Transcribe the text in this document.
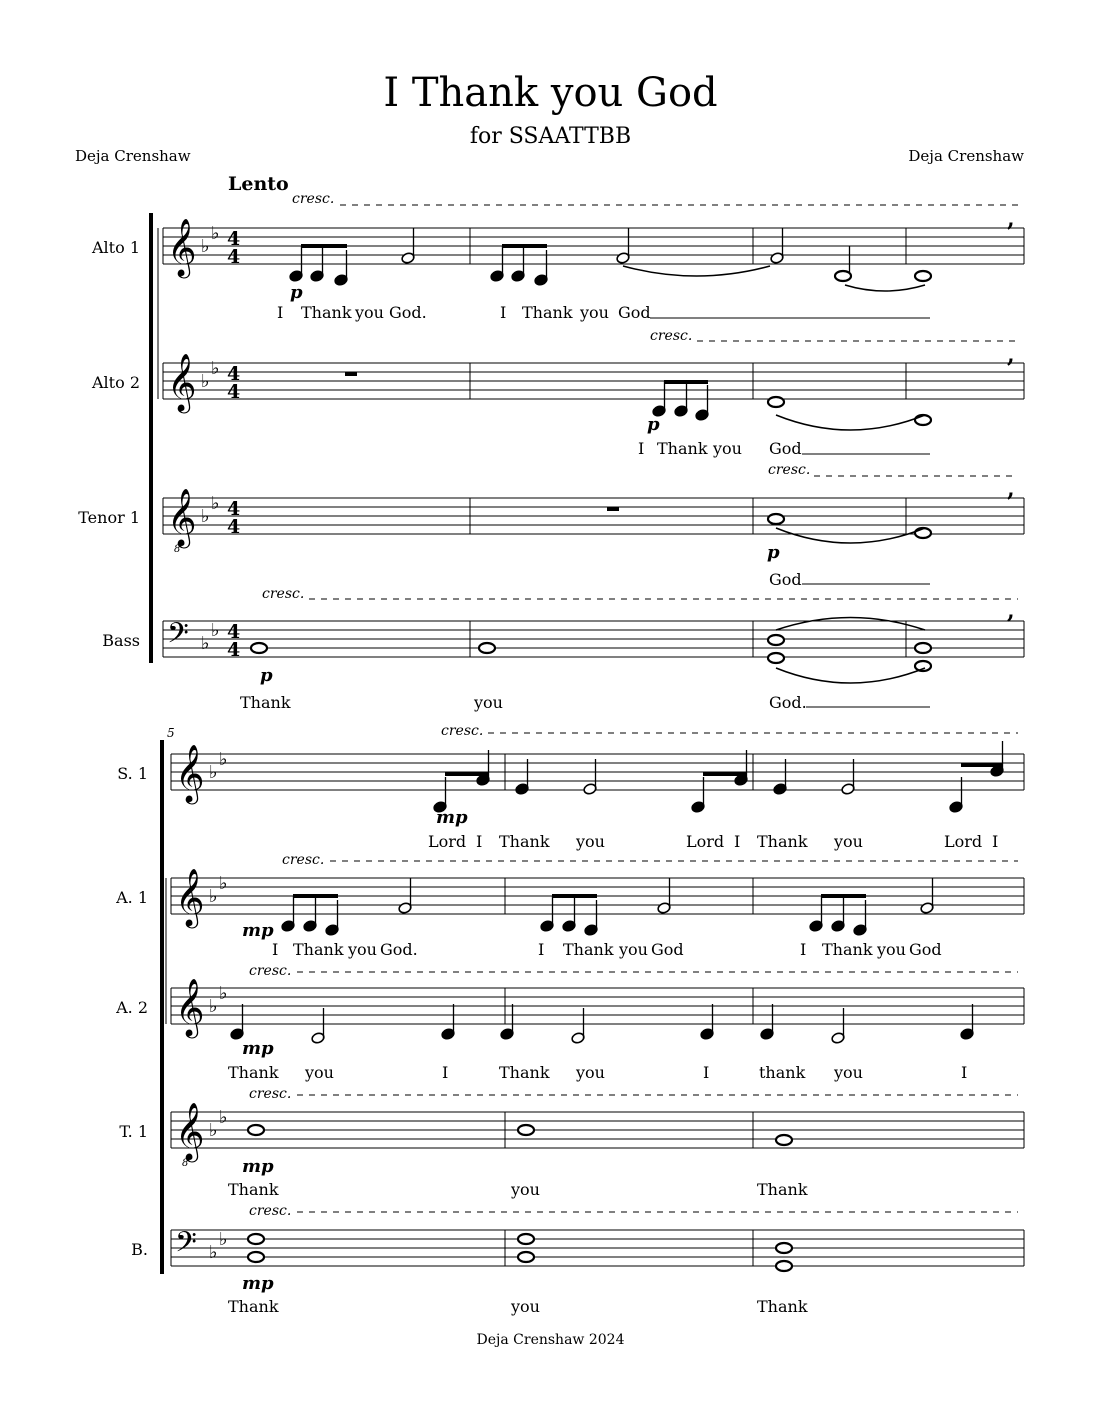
I Thank you God
for SSAATTBB
Deja Crenshaw	Deja Crenshaw
Lento
𝄞 ♭
♭ 4
4
𝄞 ♭
♭ 4
4
𝄞 ♭
♭ 4
4
8
𝄢 ♭
♭ 4
4
𝄞 ♭
♭
𝄞 ♭
♭
𝄞 ♭
♭
𝄞 ♭
♭
8
𝄢 ♭
♭
Alto 1
Alto 2
Tenor 1
Bass
cresc.
cresc.
cresc.
cresc.
p
p
p
p
,
,
,
,
I Thank you God.	I Thank you God
I Thank you God
God
Thank	you	God.
5
S. 1
A. 1
A. 2
T. 1
B.
cresc.
cresc.
cresc.
cresc.
cresc.
mp
mp
mp
mp
mp
Lord I Thank you	Lord I Thank you	Lord I
I Thank you God.	I Thank you God	I Thank you God
Thank you	I	Thank you	I	thank you	I
Thank	you	Thank
Thank	you	Thank
Deja Crenshaw 2024
